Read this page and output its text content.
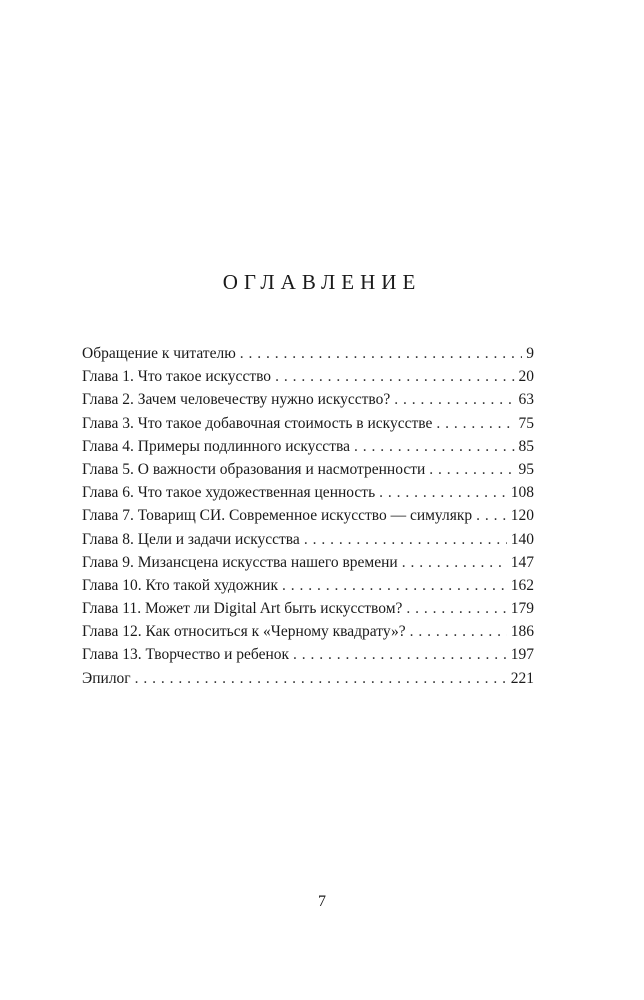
ОГЛАВЛЕНИЕ
Обращение к читателю . . .	9
Глава 1. Что такое искусство . . .	20
Глава 2. Зачем человечеству нужно искусство? . . .	63
Глава 3. Что такое добавочная стоимость в искусстве . . .	75
Глава 4. Примеры подлинного искусства . . .	85
Глава 5. О важности образования и насмотренности . . .	95
Глава 6. Что такое художественная ценность . . .	108
Глава 7. Товарищ СИ. Современное искусство — симулякр . . . 120
Глава 8. Цели и задачи искусства . . .	140
Глава 9. Мизансцена искусства нашего времени . . .	147
Глава 10. Кто такой художник . . .	162
Глава 11. Может ли Digital Art быть искусством? . . .	179
Глава 12. Как относиться к «Черному квадрату»? . . .	186
Глава 13. Творчество и ребенок . . .	197
Эпилог . . .	221
7
